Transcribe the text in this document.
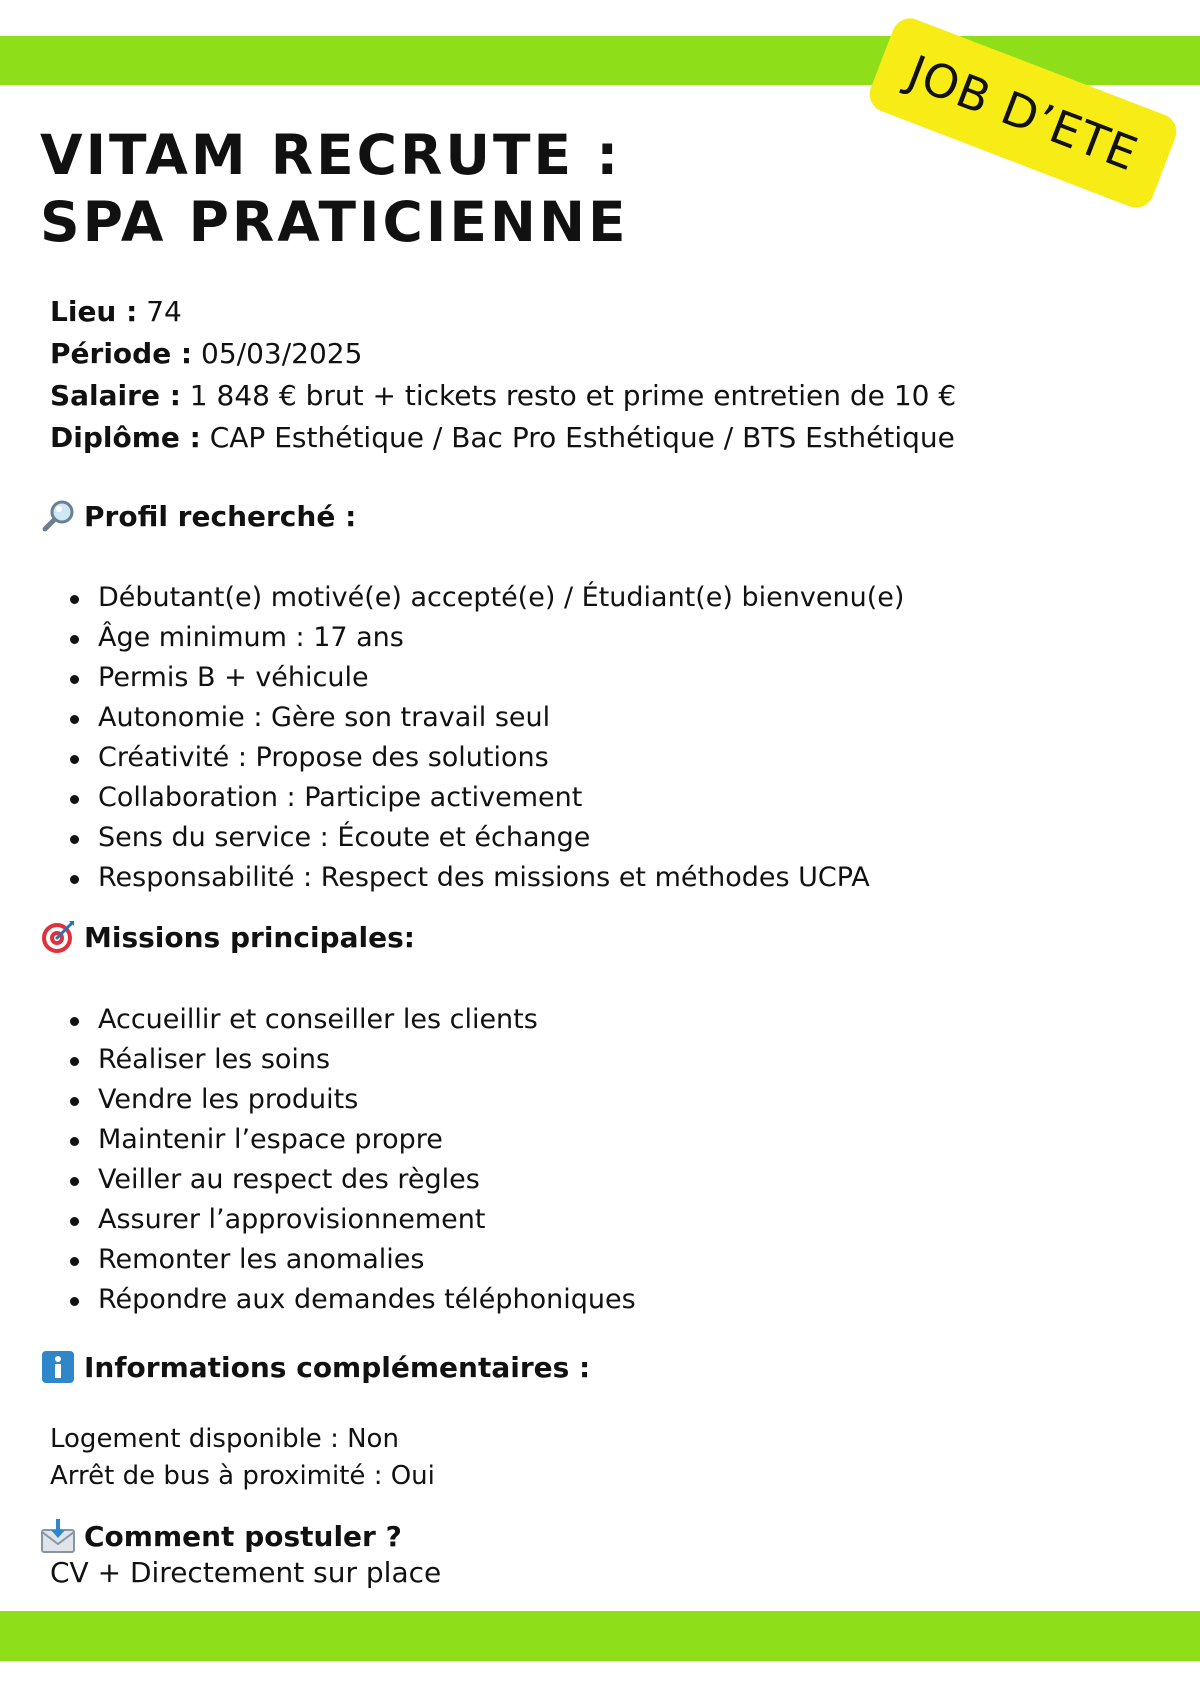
JOB D’ETE
VITAM RECRUTE :
SPA PRATICIENNE
Lieu : 74
Période : 05/03/2025
Salaire : 1 848 € brut + tickets resto et prime entretien de 10 €
Diplôme : CAP Esthétique / Bac Pro Esthétique / BTS Esthétique
Profil recherché :
Débutant(e) motivé(e) accepté(e) / Étudiant(e) bienvenu(e)
Âge minimum : 17 ans
Permis B + véhicule
Autonomie : Gère son travail seul
Créativité : Propose des solutions
Collaboration : Participe activement
Sens du service : Écoute et échange
Responsabilité : Respect des missions et méthodes UCPA
Missions principales:
Accueillir et conseiller les clients
Réaliser les soins
Vendre les produits
Maintenir l’espace propre
Veiller au respect des règles
Assurer l’approvisionnement
Remonter les anomalies
Répondre aux demandes téléphoniques
Informations complémentaires :
Logement disponible : Non
Arrêt de bus à proximité : Oui
Comment postuler ?
CV + Directement sur place
